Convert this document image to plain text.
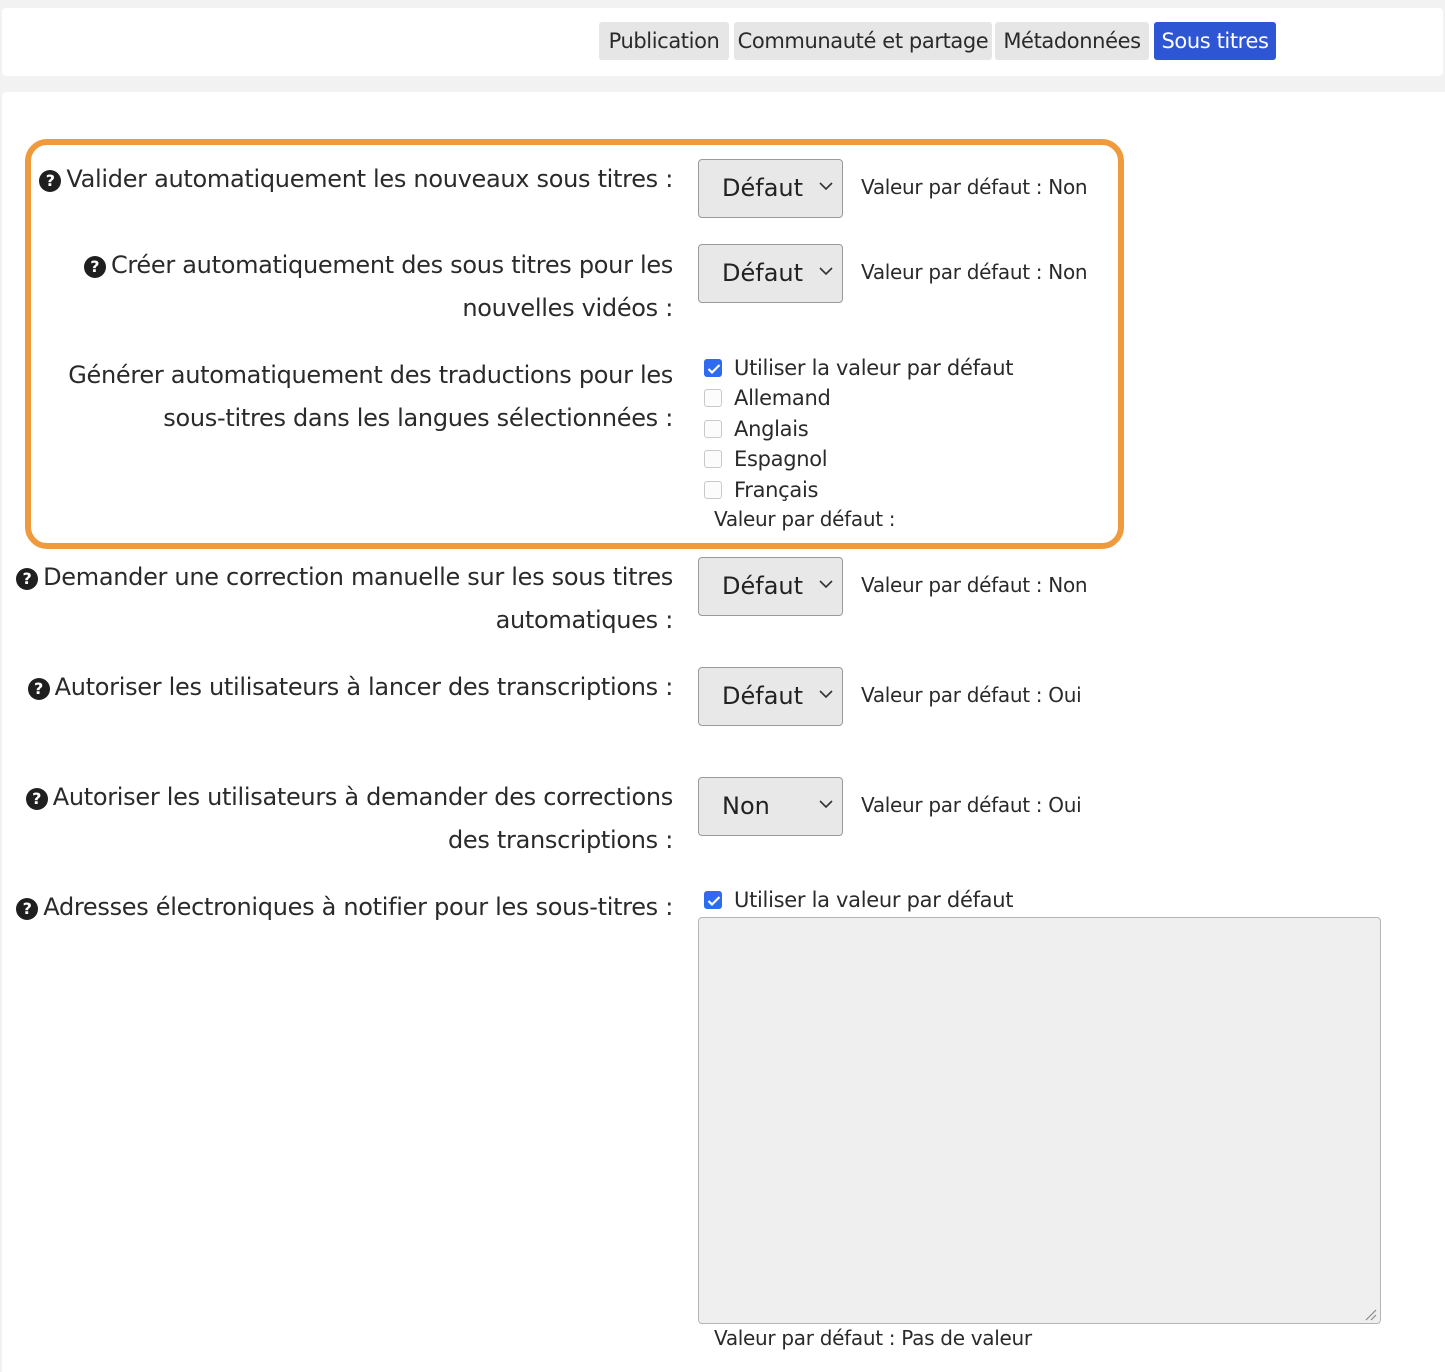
Publication Communauté et partage Métadonnées Sous titres
? Valider automatiquement les nouveaux sous titres : Défaut	Valeur par défaut : Non
? Créer automatiquement des sous titres pour les nouvelles vidéos :
Défaut	Valeur par défaut : Non
Générer automatiquement des traductions pour les sous-titres dans les langues sélectionnées :
Utiliser la valeur par défaut
Allemand
Anglais
Espagnol
Français
Valeur par défaut :
? Demander une correction manuelle sur les sous titres automatiques :
Défaut	Valeur par défaut : Non
? Autoriser les utilisateurs à lancer des transcriptions : Défaut	Valeur par défaut : Oui
? Autoriser les utilisateurs à demander des corrections des transcriptions :
Non	Valeur par défaut : Oui
? Adresses électroniques à notifier pour les sous-titres :	Utiliser la valeur par défaut
Valeur par défaut : Pas de valeur
